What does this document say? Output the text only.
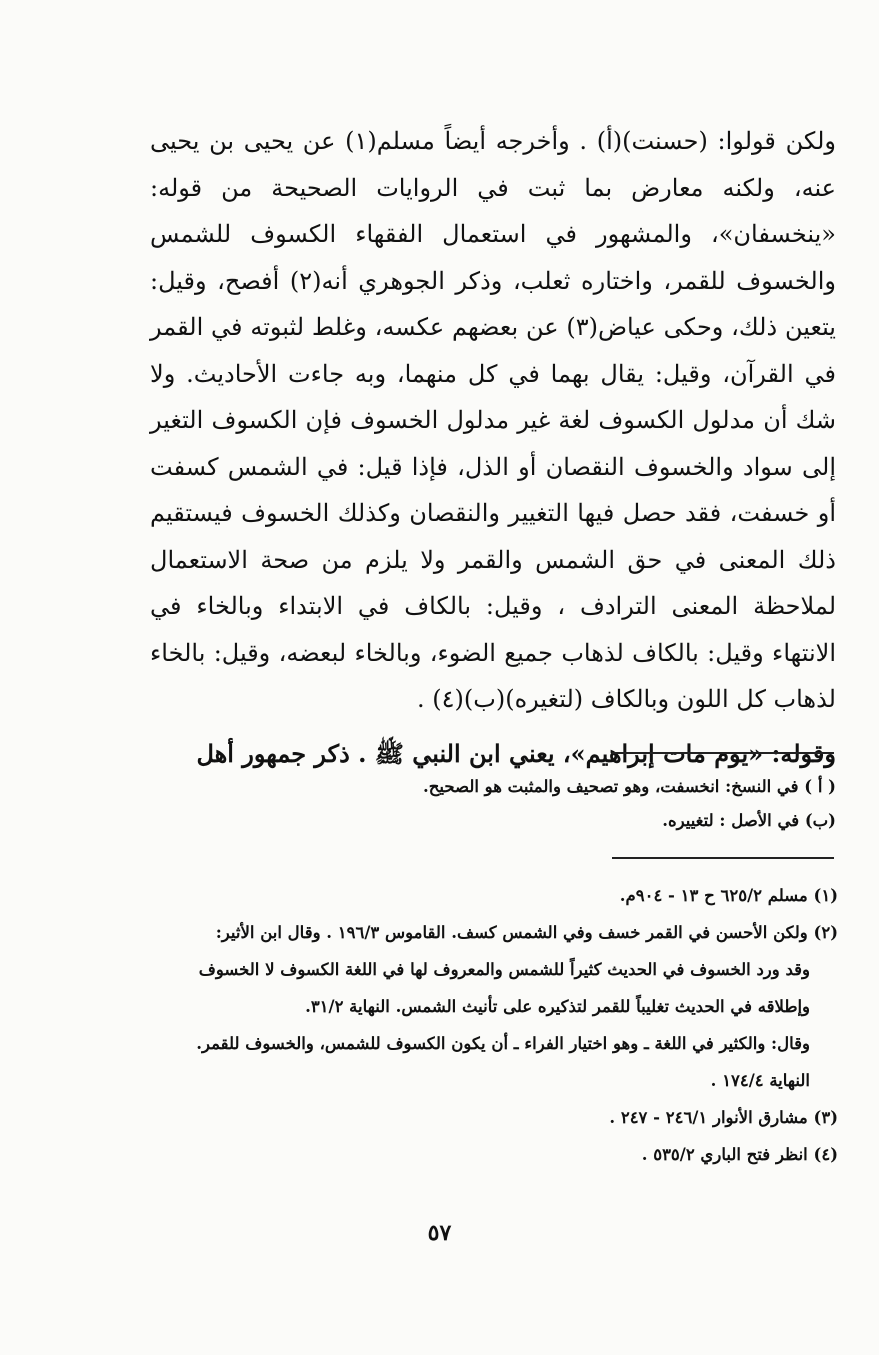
ولكن قولوا: (حسنت)(أ) . وأخرجه أيضاً مسلم(١) عن يحيى بن يحيى عنه، ولكنه معارض بما ثبت في الروايات الصحيحة من قوله: «ينخسفان»، والمشهور في استعمال الفقهاء الكسوف للشمس والخسوف للقمر، واختاره ثعلب، وذكر الجوهري أنه(٢) أفصح، وقيل: يتعين ذلك، وحكى عياض(٣) عن بعضهم عكسه، وغلط لثبوته في القمر في القرآن، وقيل: يقال بهما في كل منهما، وبه جاءت الأحاديث. ولا شك أن مدلول الكسوف لغة غير مدلول الخسوف فإن الكسوف التغير إلى سواد والخسوف النقصان أو الذل، فإذا قيل: في الشمس كسفت أو خسفت، فقد حصل فيها التغيير والنقصان وكذلك الخسوف فيستقيم ذلك المعنى في حق الشمس والقمر ولا يلزم من صحة الاستعمال لملاحظة المعنى الترادف ، وقيل: بالكاف في الابتداء وبالخاء في الانتهاء وقيل: بالكاف لذهاب جميع الضوء، وبالخاء لبعضه، وقيل: بالخاء لذهاب كل اللون وبالكاف (لتغيره)(ب)(٤) .

وقوله: «يوم مات إبراهيم»، يعني ابن النبي ﷺ . ذكر جمهور أهل

( أ ) في النسخ: انخسفت، وهو تصحيف والمثبت هو الصحيح.

(ب) في الأصل : لتغييره.

(١) مسلم ٦٢٥/٢ ح ١٣ - ٩٠٤م.

(٢) ولكن الأحسن في القمر خسف وفي الشمس كسف. القاموس ١٩٦/٣ . وقال ابن الأثير:

وقد ورد الخسوف في الحديث كثيراً للشمس والمعروف لها في اللغة الكسوف لا الخسوف

وإطلاقه في الحديث تغليباً للقمر لتذكيره على تأنيث الشمس. النهاية ٣١/٢.

وقال: والكثير في اللغة ـ وهو اختيار الفراء ـ أن يكون الكسوف للشمس، والخسوف للقمر.

النهاية ١٧٤/٤ .

(٣) مشارق الأنوار ٢٤٦/١ - ٢٤٧ .

(٤) انظر فتح الباري ٥٣٥/٢ .

٥٧
